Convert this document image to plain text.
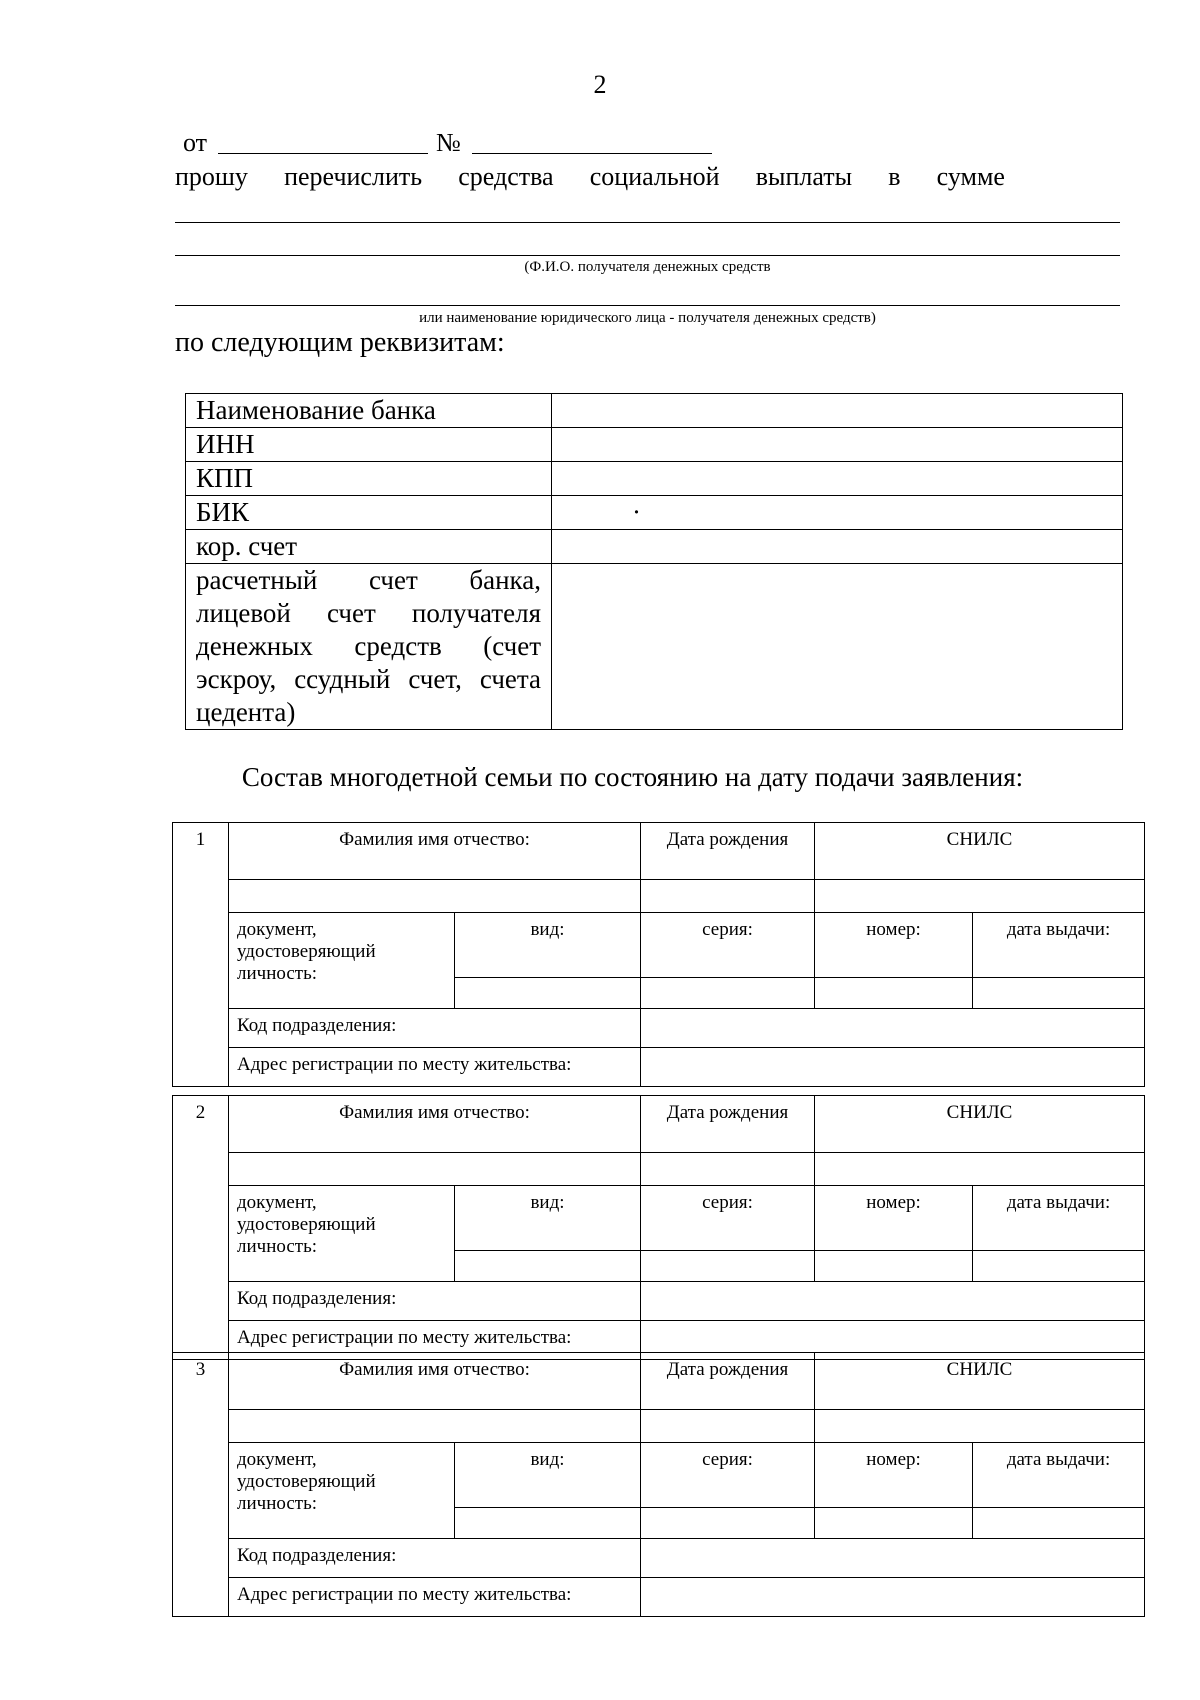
2
от	№
прошу перечислить средства социальной выплаты в сумме
(Ф.И.О. получателя денежных средств
или наименование юридического лица - получателя денежных средств)
по следующим реквизитам:
Наименование банка	
ИНН	
КПП	
БИК	·
кор. счет	
расчетный счет банка, лицевой счет получателя денежных средств (счет эскроу, ссудный счет, счета цедента)	
Состав многодетной семьи по состоянию на дату подачи заявления:
1	Фамилия имя отчество:		Дата рождения	СНИЛС	

	документ,
удостоверяющий
личность:	вид:	серия:	номер:	дата выдачи:

	Код подразделения:				
	Адрес регистрации по месту жительства:				
2	Фамилия имя отчество:		Дата рождения	СНИЛС	

	документ,
удостоверяющий
личность:	вид:	серия:	номер:	дата выдачи:

	Код подразделения:				
	Адрес регистрации по месту жительства:				
3	Фамилия имя отчество:		Дата рождения	СНИЛС	

	документ,
удостоверяющий
личность:	вид:	серия:	номер:	дата выдачи:

	Код подразделения:				
	Адрес регистрации по месту жительства:				
